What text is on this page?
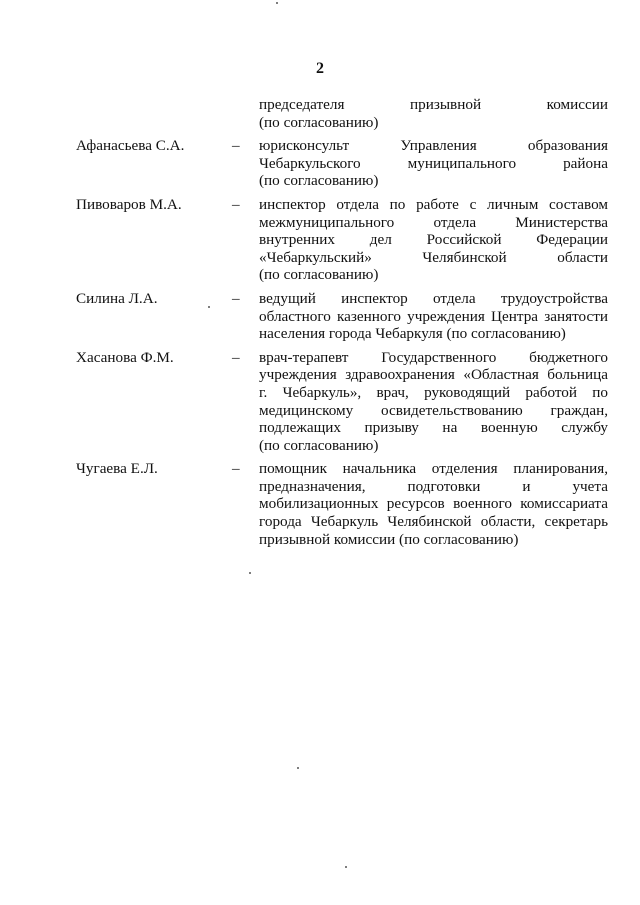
2
председателя призывной комиссии
(по согласованию)
Афанасьева С.А.	– юрисконсульт Управления образования
Чебаркульского муниципального района
(по согласованию)
Пивоваров М.А.	– инспектор отдела по работе с личным составом
межмуниципального отдела Министерства
внутренних дел Российской Федерации
«Чебаркульский» Челябинской области
(по согласованию)
Силина Л.А.	– ведущий инспектор отдела трудоустройства
областного казенного учреждения Центра занятости
населения города Чебаркуля (по согласованию)
Хасанова Ф.М.	– врач-терапевт Государственного бюджетного
учреждения здравоохранения «Областная больница
г. Чебаркуль», врач, руководящий работой по
медицинскому освидетельствованию граждан,
подлежащих призыву на военную службу
(по согласованию)
Чугаева Е.Л.	– помощник начальника отделения планирования,
предназначения, подготовки и учета
мобилизационных ресурсов военного комиссариата
города Чебаркуль Челябинской области, секретарь
призывной комиссии (по согласованию)
